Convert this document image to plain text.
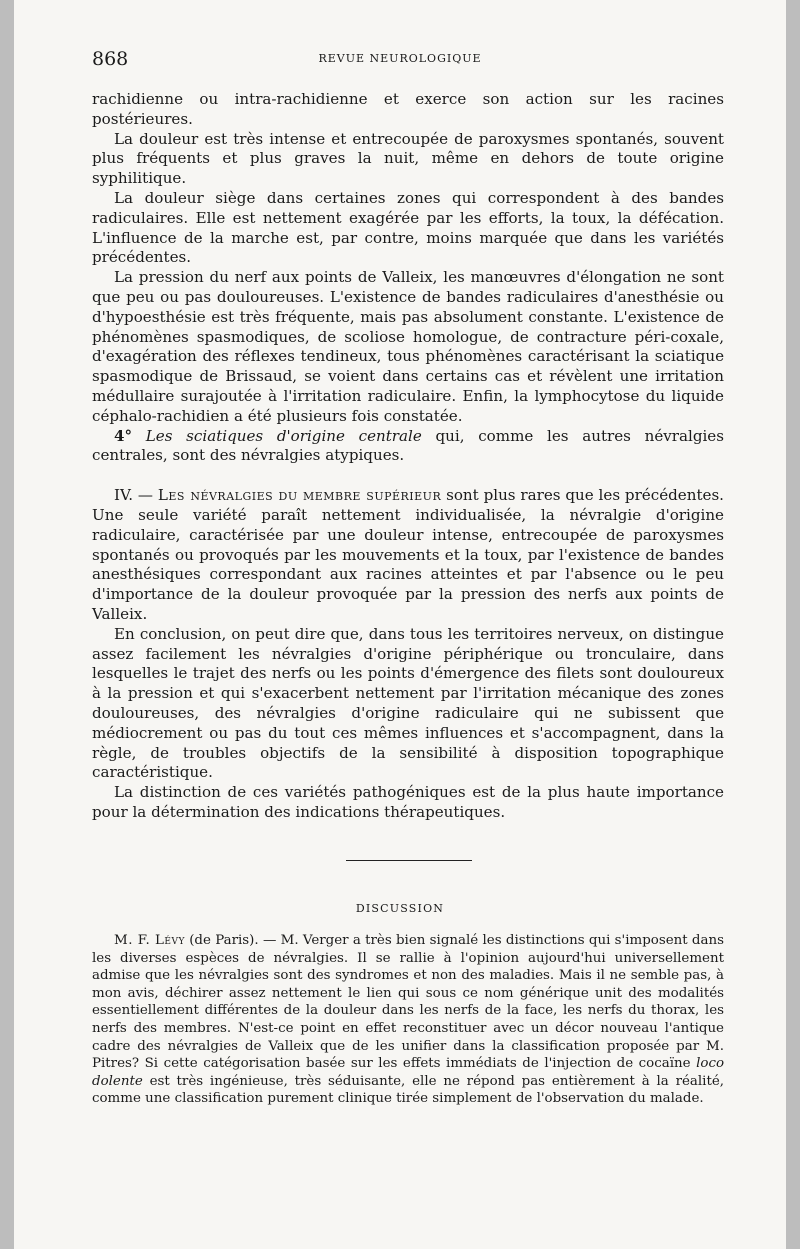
868	REVUE NEUROLOGIQUE

rachidienne ou intra-rachidienne et exerce son action sur les racines postérieures.

La douleur est très intense et entrecoupée de paroxysmes spontanés, souvent plus fréquents et plus graves la nuit, même en dehors de toute origine syphilitique.

La douleur siège dans certaines zones qui correspondent à des bandes radiculaires. Elle est nettement exagérée par les efforts, la toux, la défécation. L'influence de la marche est, par contre, moins marquée que dans les variétés précédentes.

La pression du nerf aux points de Valleix, les manœuvres d'élongation ne sont que peu ou pas douloureuses. L'existence de bandes radiculaires d'anesthésie ou d'hypoesthésie est très fréquente, mais pas absolument constante. L'existence de phénomènes spasmodiques, de scoliose homologue, de contracture péri-coxale, d'exagération des réflexes tendineux, tous phénomènes caractérisant la sciatique spasmodique de Brissaud, se voient dans certains cas et révèlent une irritation médullaire surajoutée à l'irritation radiculaire. Enfin, la lymphocytose du liquide céphalo-rachidien a été plusieurs fois constatée.

4° Les sciatiques d'origine centrale qui, comme les autres névralgies centrales, sont des névralgies atypiques.

IV. — Les névralgies du membre supérieur sont plus rares que les précédentes. Une seule variété paraît nettement individualisée, la névralgie d'origine radiculaire, caractérisée par une douleur intense, entrecoupée de paroxysmes spontanés ou provoqués par les mouvements et la toux, par l'existence de bandes anesthésiques correspondant aux racines atteintes et par l'absence ou le peu d'importance de la douleur provoquée par la pression des nerfs aux points de Valleix.

En conclusion, on peut dire que, dans tous les territoires nerveux, on distingue assez facilement les névralgies d'origine périphérique ou tronculaire, dans lesquelles le trajet des nerfs ou les points d'émergence des filets sont douloureux à la pression et qui s'exacerbent nettement par l'irritation mécanique des zones douloureuses, des névralgies d'origine radiculaire qui ne subissent que médiocrement ou pas du tout ces mêmes influences et s'accompagnent, dans la règle, de troubles objectifs de la sensibilité à disposition topographique caractéristique.

La distinction de ces variétés pathogéniques est de la plus haute importance pour la détermination des indications thérapeutiques.

DISCUSSION

M. F. Lévy (de Paris). — M. Verger a très bien signalé les distinctions qui s'imposent dans les diverses espèces de névralgies. Il se rallie à l'opinion aujourd'hui universellement admise que les névralgies sont des syndromes et non des maladies. Mais il ne semble pas, à mon avis, déchirer assez nettement le lien qui sous ce nom générique unit des modalités essentiellement différentes de la douleur dans les nerfs de la face, les nerfs du thorax, les nerfs des membres. N'est-ce point en effet reconstituer avec un décor nouveau l'antique cadre des névralgies de Valleix que de les unifier dans la classification proposée par M. Pitres? Si cette catégorisation basée sur les effets immédiats de l'injection de cocaïne loco dolente est très ingénieuse, très séduisante, elle ne répond pas entièrement à la réalité, comme une classification purement clinique tirée simplement de l'observation du malade.
